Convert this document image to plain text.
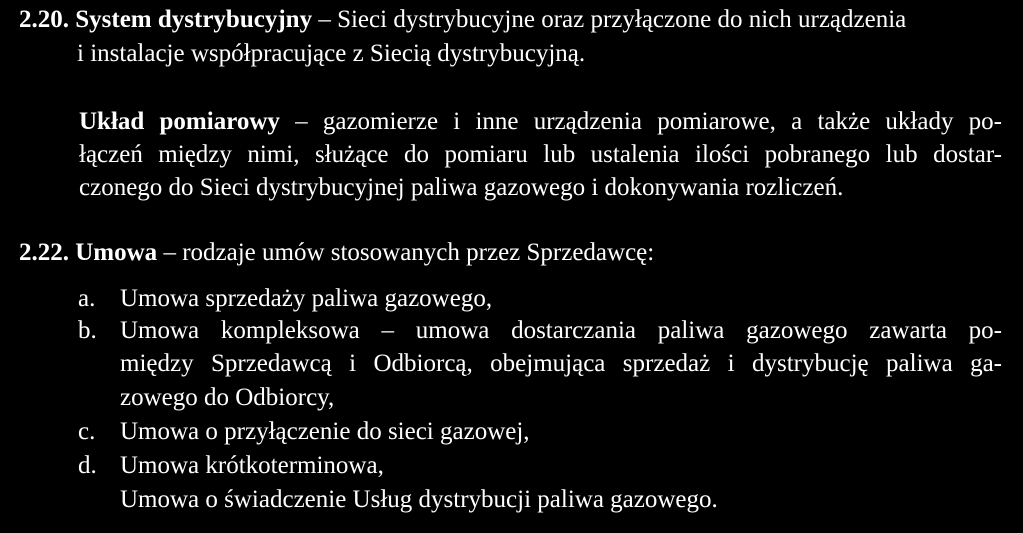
2.20. System dystrybucyjny – Sieci dystrybucyjne oraz przyłączone do nich urządzenia
i instalacje współpracujące z Siecią dystrybucyjną.
Układ pomiarowy – gazomierze i inne urządzenia pomiarowe, a także układy po-
łączeń między nimi, służące do pomiaru lub ustalenia ilości pobranego lub dostar-
czonego do Sieci dystrybucyjnej paliwa gazowego i dokonywania rozliczeń.
2.22. Umowa – rodzaje umów stosowanych przez Sprzedawcę:
a. Umowa sprzedaży paliwa gazowego,
b. Umowa kompleksowa – umowa dostarczania paliwa gazowego zawarta po-
między Sprzedawcą i Odbiorcą, obejmująca sprzedaż i dystrybucję paliwa ga-
zowego do Odbiorcy,
c. Umowa o przyłączenie do sieci gazowej,
d. Umowa krótkoterminowa,
Umowa o świadczenie Usług dystrybucji paliwa gazowego.
